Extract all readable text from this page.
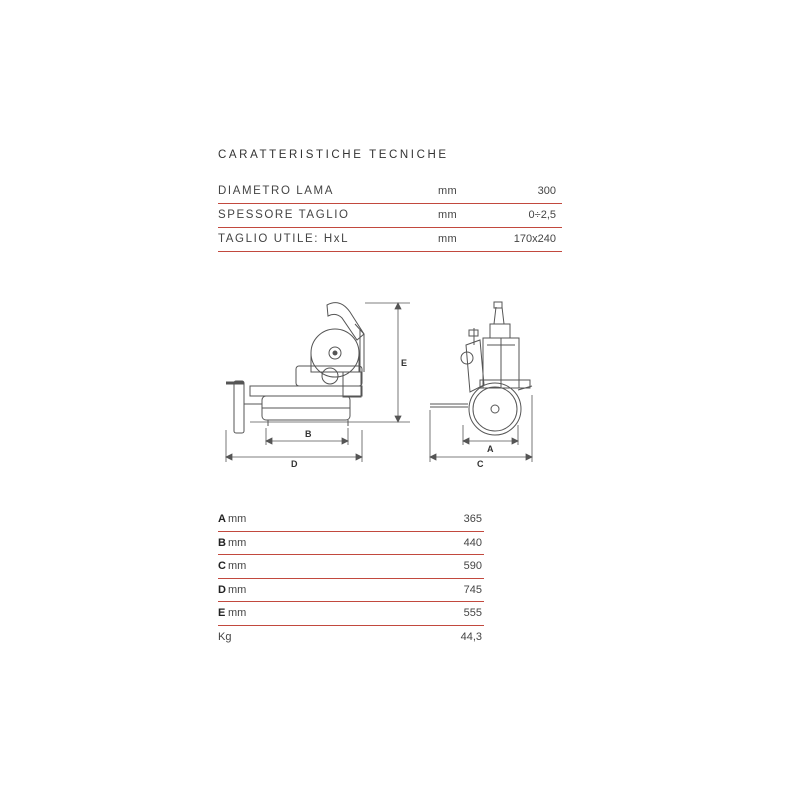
CARATTERISTICHE TECNICHE
DIAMETRO LAMA	mm	300
SPESSORE TAGLIO	mm	0÷2,5
TAGLIO UTILE: HxL	mm	170x240
B
D
E
A
C
A mm	365
B mm	440
C mm	590
D mm	745
E mm	555
Kg	44,3
